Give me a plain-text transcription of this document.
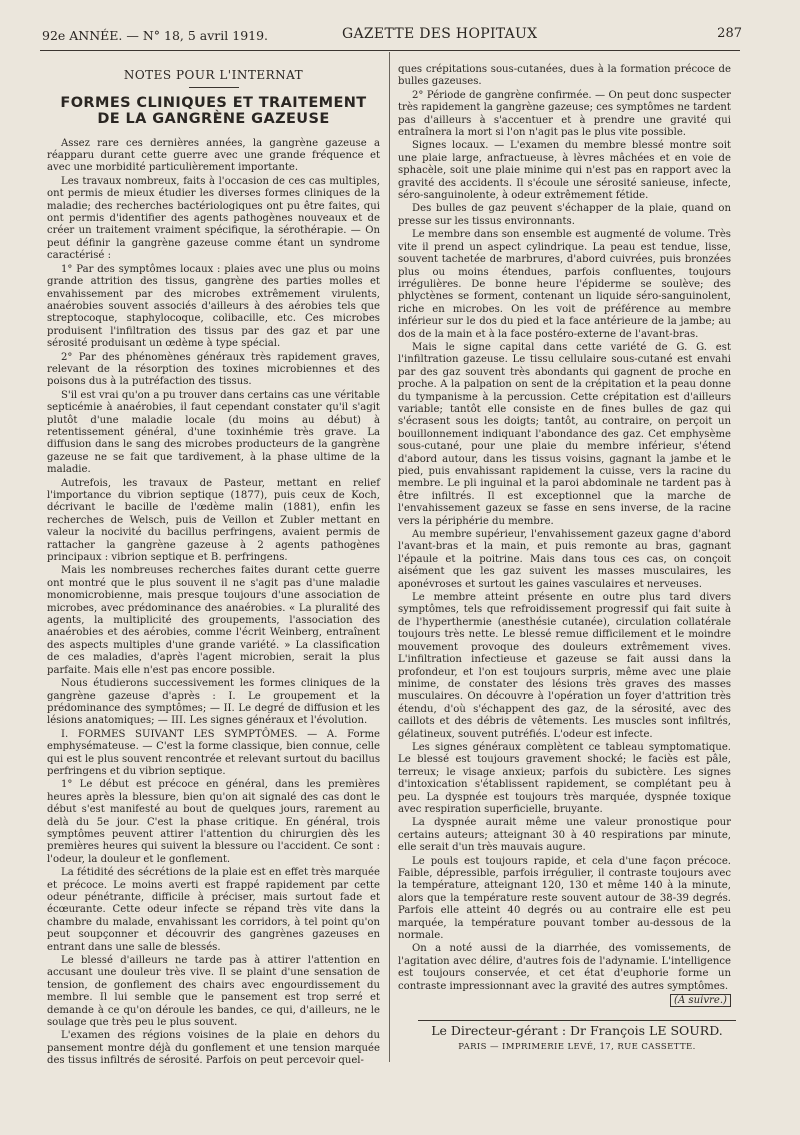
92e ANNÉE. — N° 18, 5 avril 1919.	GAZETTE DES HOPITAUX	287
NOTES POUR L'INTERNAT
FORMES CLINIQUES ET TRAITEMENT
DE LA GANGRÈNE GAZEUSE

Assez rare ces dernières années, la gangrène gazeuse a réapparu durant cette guerre avec une grande fréquence et avec une morbidité particulièrement importante.

Les travaux nombreux, faits à l'occasion de ces cas multiples, ont permis de mieux étudier les diverses formes cliniques de la maladie; des recherches bactériologiques ont pu être faites, qui ont permis d'identifier des agents pathogènes nouveaux et de créer un traitement vraiment spécifique, la sérothérapie. — On peut définir la gangrène gazeuse comme étant un syndrome caractérisé :

1° Par des symptômes locaux : plaies avec une plus ou moins grande attrition des tissus, gangrène des parties molles et envahissement par des microbes extrêmement virulents, anaérobies souvent associés d'ailleurs à des aérobies tels que streptocoque, staphylocoque, colibacille, etc. Ces microbes produisent l'infiltration des tissus par des gaz et par une sérosité produisant un œdème à type spécial.

2° Par des phénomènes généraux très rapidement graves, relevant de la résorption des toxines microbiennes et des poisons dus à la putréfaction des tissus.

S'il est vrai qu'on a pu trouver dans certains cas une véritable septicémie à anaérobies, il faut cependant constater qu'il s'agit plutôt d'une maladie locale (du moins au début) à retentissement général, d'une toxinhémie très grave. La diffusion dans le sang des microbes producteurs de la gangrène gazeuse ne se fait que tardivement, à la phase ultime de la maladie.

Autrefois, les travaux de Pasteur, mettant en relief l'importance du vibrion septique (1877), puis ceux de Koch, décrivant le bacille de l'œdème malin (1881), enfin les recherches de Welsch, puis de Veillon et Zubler mettant en valeur la nocivité du bacillus perfringens, avaient permis de rattacher la gangrène gazeuse à 2 agents pathogènes principaux : vibrion septique et B. perfringens.

Mais les nombreuses recherches faites durant cette guerre ont montré que le plus souvent il ne s'agit pas d'une maladie monomicrobienne, mais presque toujours d'une association de microbes, avec prédominance des anaérobies. « La pluralité des agents, la multiplicité des groupements, l'association des anaérobies et des aérobies, comme l'écrit Weinberg, entraînent des aspects multiples d'une grande variété. » La classification de ces maladies, d'après l'agent microbien, serait la plus parfaite. Mais elle n'est pas encore possible.

Nous étudierons successivement les formes cliniques de la gangrène gazeuse d'après : I. Le groupement et la prédominance des symptômes; — II. Le degré de diffusion et les lésions anatomiques; — III. Les signes généraux et l'évolution.

I. FORMES SUIVANT LES SYMPTÔMES. — A. Forme emphysémateuse. — C'est la forme classique, bien connue, celle qui est le plus souvent rencontrée et relevant surtout du bacillus perfringens et du vibrion septique.

1° Le début est précoce en général, dans les premières heures après la blessure, bien qu'on ait signalé des cas dont le début s'est manifesté au bout de quelques jours, rarement au delà du 5e jour. C'est la phase critique. En général, trois symptômes peuvent attirer l'attention du chirurgien dès les premières heures qui suivent la blessure ou l'accident. Ce sont : l'odeur, la douleur et le gonflement.

La fétidité des sécrétions de la plaie est en effet très marquée et précoce. Le moins averti est frappé rapidement par cette odeur pénétrante, difficile à préciser, mais surtout fade et écœurante. Cette odeur infecte se répand très vite dans la chambre du malade, envahissant les corridors, à tel point qu'on peut soupçonner et découvrir des gangrènes gazeuses en entrant dans une salle de blessés.

Le blessé d'ailleurs ne tarde pas à attirer l'attention en accusant une douleur très vive. Il se plaint d'une sensation de tension, de gonflement des chairs avec engourdissement du membre. Il lui semble que le pansement est trop serré et demande à ce qu'on déroule les bandes, ce qui, d'ailleurs, ne le soulage que très peu le plus souvent.

L'examen des régions voisines de la plaie en dehors du pansement montre déjà du gonflement et une tension marquée des tissus infiltrés de sérosité. Parfois on peut percevoir quel-

ques crépitations sous-cutanées, dues à la formation précoce de bulles gazeuses.

2° Période de gangrène confirmée. — On peut donc suspecter très rapidement la gangrène gazeuse; ces symptômes ne tardent pas d'ailleurs à s'accentuer et à prendre une gravité qui entraînera la mort si l'on n'agit pas le plus vite possible.

Signes locaux. — L'examen du membre blessé montre soit une plaie large, anfractueuse, à lèvres mâchées et en voie de sphacèle, soit une plaie minime qui n'est pas en rapport avec la gravité des accidents. Il s'écoule une sérosité sanieuse, infecte, séro-sanguinolente, à odeur extrêmement fétide.

Des bulles de gaz peuvent s'échapper de la plaie, quand on presse sur les tissus environnants.

Le membre dans son ensemble est augmenté de volume. Très vite il prend un aspect cylindrique. La peau est tendue, lisse, souvent tachetée de marbrures, d'abord cuivrées, puis bronzées plus ou moins étendues, parfois confluentes, toujours irrégulières. De bonne heure l'épiderme se soulève; des phlyctènes se forment, contenant un liquide séro-sanguinolent, riche en microbes. On les voit de préférence au membre inférieur sur le dos du pied et la face antérieure de la jambe; au dos de la main et à la face postéro-externe de l'avant-bras.

Mais le signe capital dans cette variété de G. G. est l'infiltration gazeuse. Le tissu cellulaire sous-cutané est envahi par des gaz souvent très abondants qui gagnent de proche en proche. A la palpation on sent de la crépitation et la peau donne du tympanisme à la percussion. Cette crépitation est d'ailleurs variable; tantôt elle consiste en de fines bulles de gaz qui s'écrasent sous les doigts; tantôt, au contraire, on perçoit un bouillonnement indiquant l'abondance des gaz. Cet emphysème sous-cutané, pour une plaie du membre inférieur, s'étend d'abord autour, dans les tissus voisins, gagnant la jambe et le pied, puis envahissant rapidement la cuisse, vers la racine du membre. Le pli inguinal et la paroi abdominale ne tardent pas à être infiltrés. Il est exceptionnel que la marche de l'envahissement gazeux se fasse en sens inverse, de la racine vers la périphérie du membre.

Au membre supérieur, l'envahissement gazeux gagne d'abord l'avant-bras et la main, et puis remonte au bras, gagnant l'épaule et la poitrine. Mais dans tous ces cas, on conçoit aisément que les gaz suivent les masses musculaires, les aponévroses et surtout les gaines vasculaires et nerveuses.

Le membre atteint présente en outre plus tard divers symptômes, tels que refroidissement progressif qui fait suite à de l'hyperthermie (anesthésie cutanée), circulation collatérale toujours très nette. Le blessé remue difficilement et le moindre mouvement provoque des douleurs extrêmement vives. L'infiltration infectieuse et gazeuse se fait aussi dans la profondeur, et l'on est toujours surpris, même avec une plaie minime, de constater des lésions très graves des masses musculaires. On découvre à l'opération un foyer d'attrition très étendu, d'où s'échappent des gaz, de la sérosité, avec des caillots et des débris de vêtements. Les muscles sont infiltrés, gélatineux, souvent putréfiés. L'odeur est infecte.

Les signes généraux complètent ce tableau symptomatique. Le blessé est toujours gravement shocké; le faciès est pâle, terreux; le visage anxieux; parfois du subictère. Les signes d'intoxication s'établissent rapidement, se complétant peu à peu. La dyspnée est toujours très marquée, dyspnée toxique avec respiration superficielle, bruyante.

La dyspnée aurait même une valeur pronostique pour certains auteurs; atteignant 30 à 40 respirations par minute, elle serait d'un très mauvais augure.

Le pouls est toujours rapide, et cela d'une façon précoce. Faible, dépressible, parfois irrégulier, il contraste toujours avec la température, atteignant 120, 130 et même 140 à la minute, alors que la température reste souvent autour de 38-39 degrés. Parfois elle atteint 40 degrés ou au contraire elle est peu marquée, la température pouvant tomber au-dessous de la normale.

On a noté aussi de la diarrhée, des vomissements, de l'agitation avec délire, d'autres fois de l'adynamie. L'intelligence est toujours conservée, et cet état d'euphorie forme un contraste impressionnant avec la gravité des autres symptômes.

(A suivre.)
Le Directeur-gérant : Dr François LE SOURD.
PARIS — IMPRIMERIE LEVÉ, 17, RUE CASSETTE.
